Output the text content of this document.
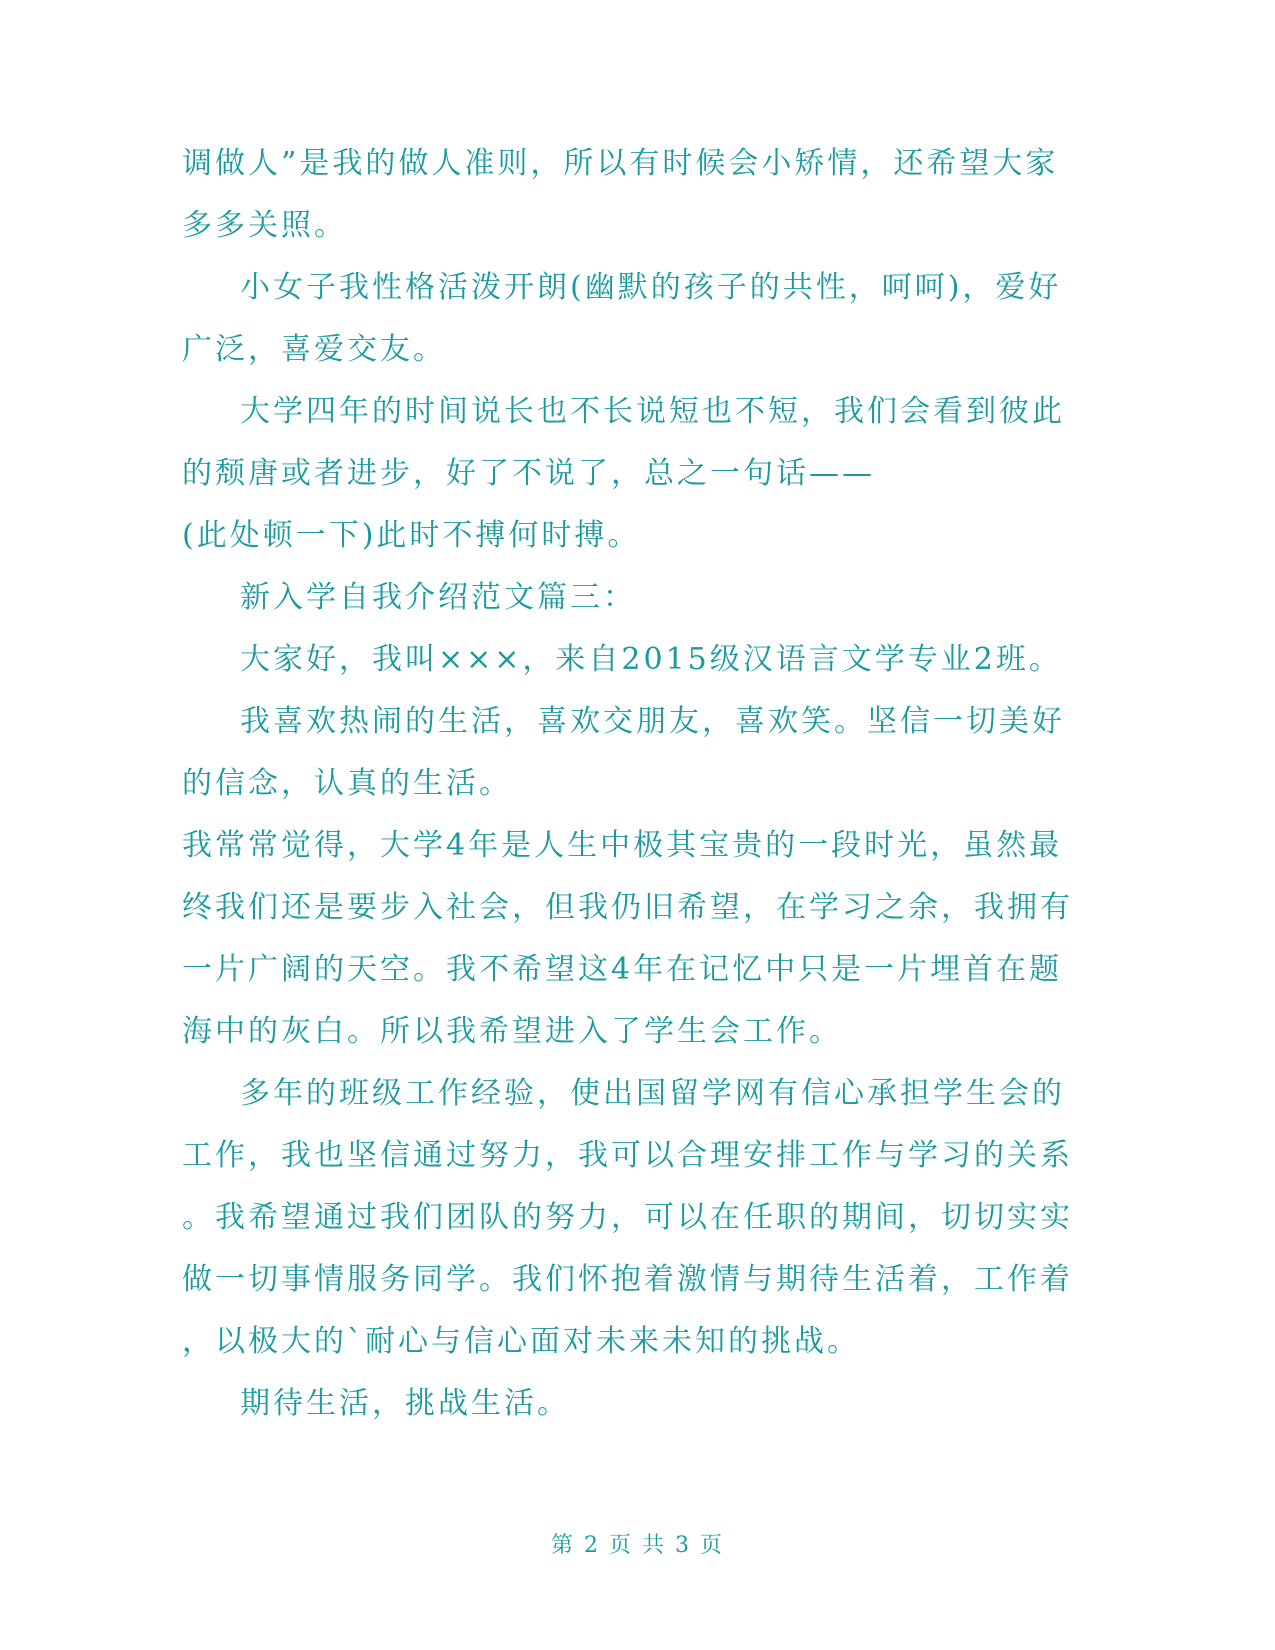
调做人”是我的做人准则，所以有时候会小矫情，还希望大家
多多关照。
小女子我性格活泼开朗(幽默的孩子的共性，呵呵)，爱好
广泛，喜爱交友。
大学四年的时间说长也不长说短也不短，我们会看到彼此
的颓唐或者进步，好了不说了，总之一句话——
(此处顿一下)此时不搏何时搏。
新入学自我介绍范文篇三：
大家好，我叫×××，来自2015级汉语言文学专业2班。
我喜欢热闹的生活，喜欢交朋友，喜欢笑。坚信一切美好
的信念，认真的生活。
我常常觉得，大学4年是人生中极其宝贵的一段时光，虽然最
终我们还是要步入社会，但我仍旧希望，在学习之余，我拥有
一片广阔的天空。我不希望这4年在记忆中只是一片埋首在题
海中的灰白。所以我希望进入了学生会工作。
多年的班级工作经验，使出国留学网有信心承担学生会的
工作，我也坚信通过努力，我可以合理安排工作与学习的关系
。我希望通过我们团队的努力，可以在任职的期间，切切实实
做一切事情服务同学。我们怀抱着激情与期待生活着，工作着
，以极大的`耐心与信心面对未来未知的挑战。
期待生活，挑战生活。
第 2 页 共 3 页
